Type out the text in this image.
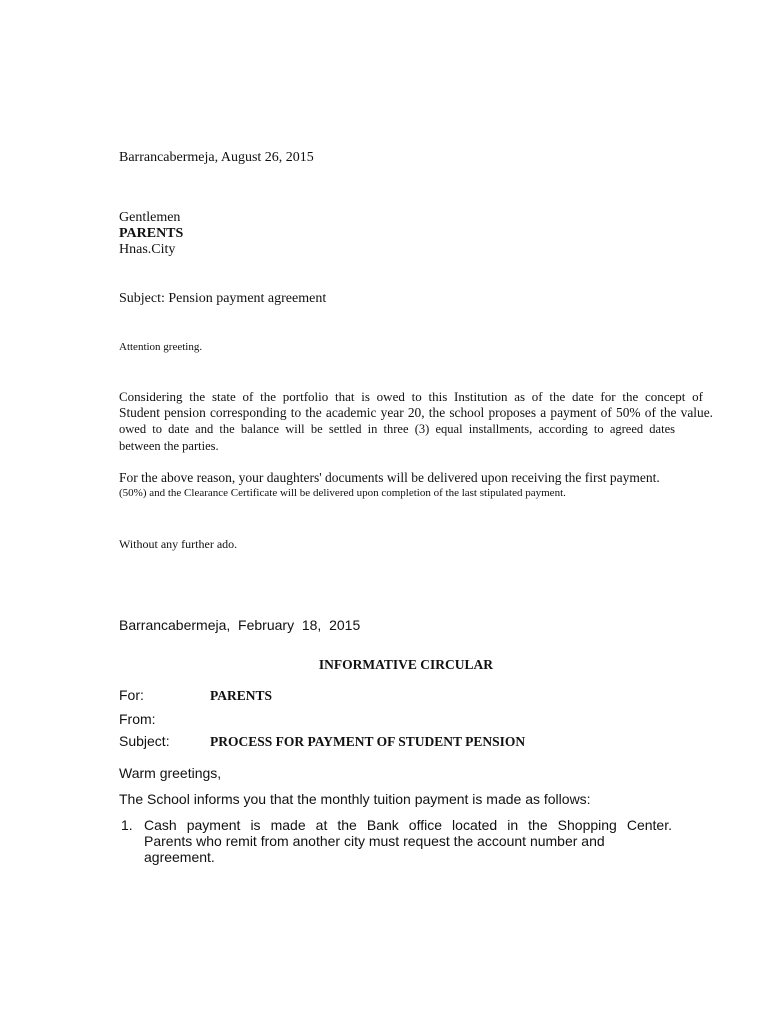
Barrancabermeja, August 26, 2015
Gentlemen
PARENTS
Hnas.City
Subject: Pension payment agreement
Attention greeting.
Considering the state of the portfolio that is owed to this Institution as of the date for the concept of
Student pension corresponding to the academic year 20, the school proposes a payment of 50% of the value.
owed to date and the balance will be settled in three (3) equal installments, according to agreed dates
between the parties.
For the above reason, your daughters' documents will be delivered upon receiving the first payment.
(50%) and the Clearance Certificate will be delivered upon completion of the last stipulated payment.
Without any further ado.
Barrancabermeja,  February  18,  2015
INFORMATIVE CIRCULAR
For:	PARENTS
From:
Subject:	PROCESS FOR PAYMENT OF STUDENT PENSION
Warm greetings,
The School informs you that the monthly tuition payment is made as follows:
1. Cash payment is made at the Bank office located in the Shopping Center.
Parents who remit from another city must request the account number and
agreement.
